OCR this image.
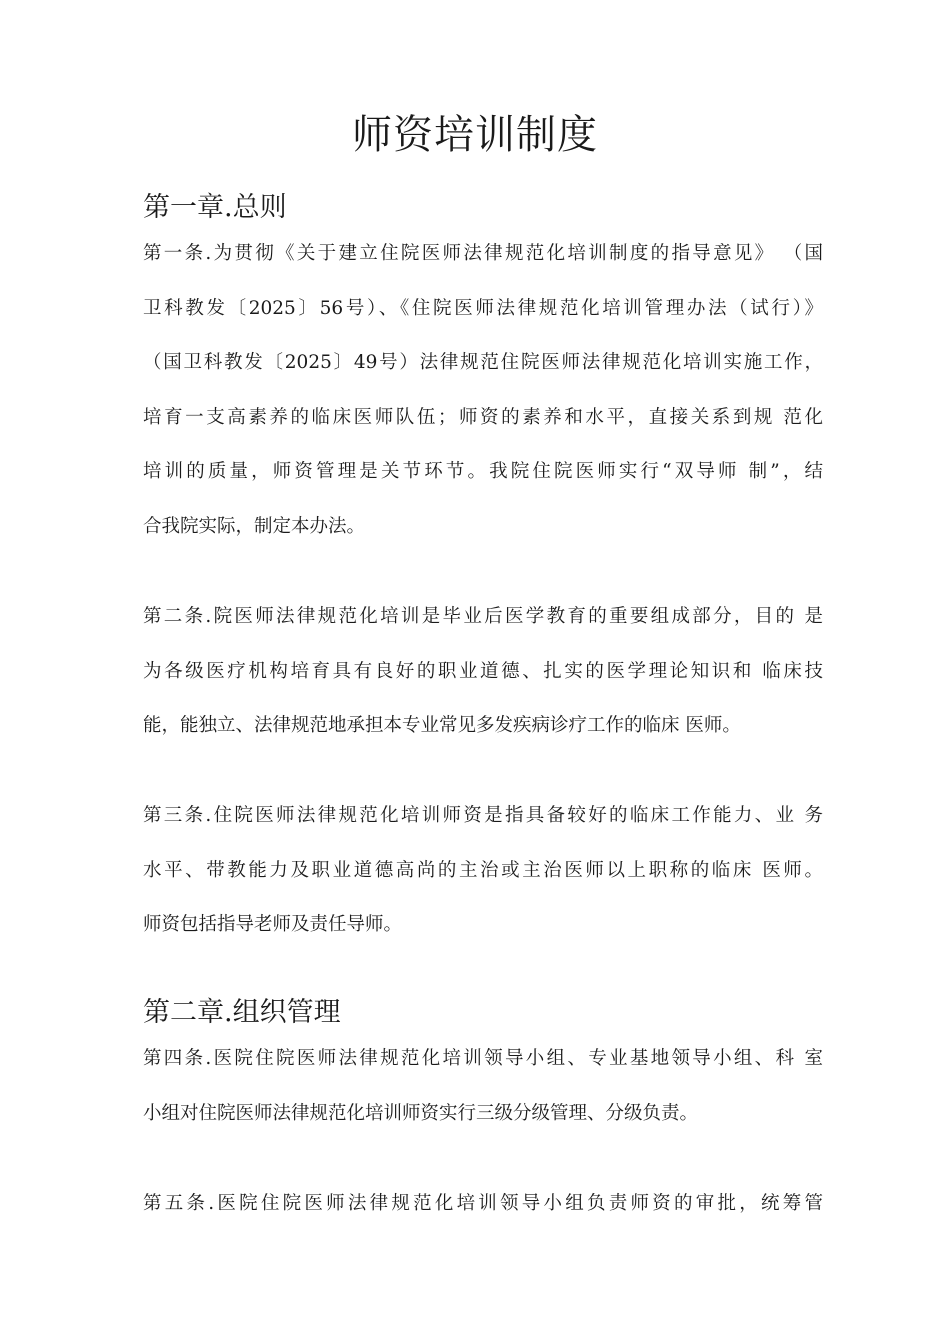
师资培训制度
第一章.总则

第一条.为贯彻《关于建立住院医师法律规范化培训制度的指导意见》 （国
卫科教发〔2025〕56号）、《住院医师法律规范化培训管理办法（试行）》
（国卫科教发〔2025〕49号）法律规范住院医师法律规范化培训实施工作，
培育一支高素养的临床医师队伍；师资的素养和水平，直接关系到规 范化
培训的质量，师资管理是关节环节。我院住院医师实行“双导师 制”，结
合我院实际，制定本办法。

第二条.院医师法律规范化培训是毕业后医学教育的重要组成部分，目的 是
为各级医疗机构培育具有良好的职业道德、扎实的医学理论知识和 临床技
能，能独立、法律规范地承担本专业常见多发疾病诊疗工作的临床 医师。

第三条.住院医师法律规范化培训师资是指具备较好的临床工作能力、业 务
水平、带教能力及职业道德高尚的主治或主治医师以上职称的临床 医师。
师资包括指导老师及责任导师。

第二章.组织管理

第四条.医院住院医师法律规范化培训领导小组、专业基地领导小组、科 室
小组对住院医师法律规范化培训师资实行三级分级管理、分级负责。

第五条.医院住院医师法律规范化培训领导小组负责师资的审批，统筹管
